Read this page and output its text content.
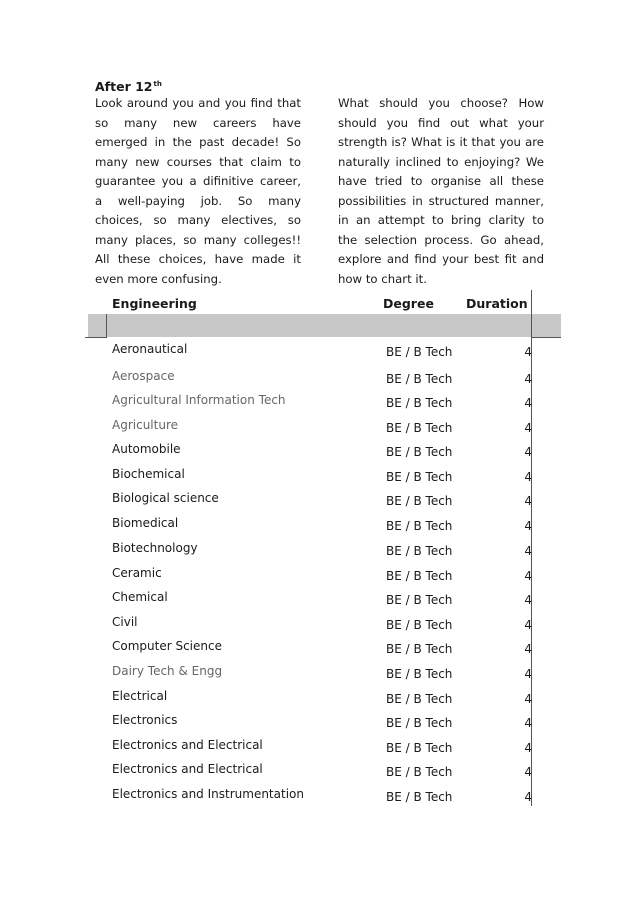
After 12th
Look around you and you find that so many new careers have emerged in the past decade! So many new courses that claim to guarantee you a difinitive career, a well-paying job. So many choices, so many electives, so many places, so many colleges!! All these choices, have made it even more confusing.
What should you choose? How should you find out what your strength is? What is it that you are naturally inclined to enjoying? We have tried to organise all these possibilities in structured manner, in an attempt to bring clarity to the selection process. Go ahead, explore and find your best fit and how to chart it.
Engineering	Degree	Duration
Aeronautical	BE / B Tech	4
Aerospace	BE / B Tech	4
Agricultural Information Tech	BE / B Tech	4
Agriculture	BE / B Tech	4
Automobile	BE / B Tech	4
Biochemical	BE / B Tech	4
Biological science	BE / B Tech	4
Biomedical	BE / B Tech	4
Biotechnology	BE / B Tech	4
Ceramic	BE / B Tech	4
Chemical	BE / B Tech	4
Civil	BE / B Tech	4
Computer Science	BE / B Tech	4
Dairy Tech & Engg	BE / B Tech	4
Electrical	BE / B Tech	4
Electronics	BE / B Tech	4
Electronics and Electrical	BE / B Tech	4
Electronics and Electrical	BE / B Tech	4
Electronics and Instrumentation	BE / B Tech	4
